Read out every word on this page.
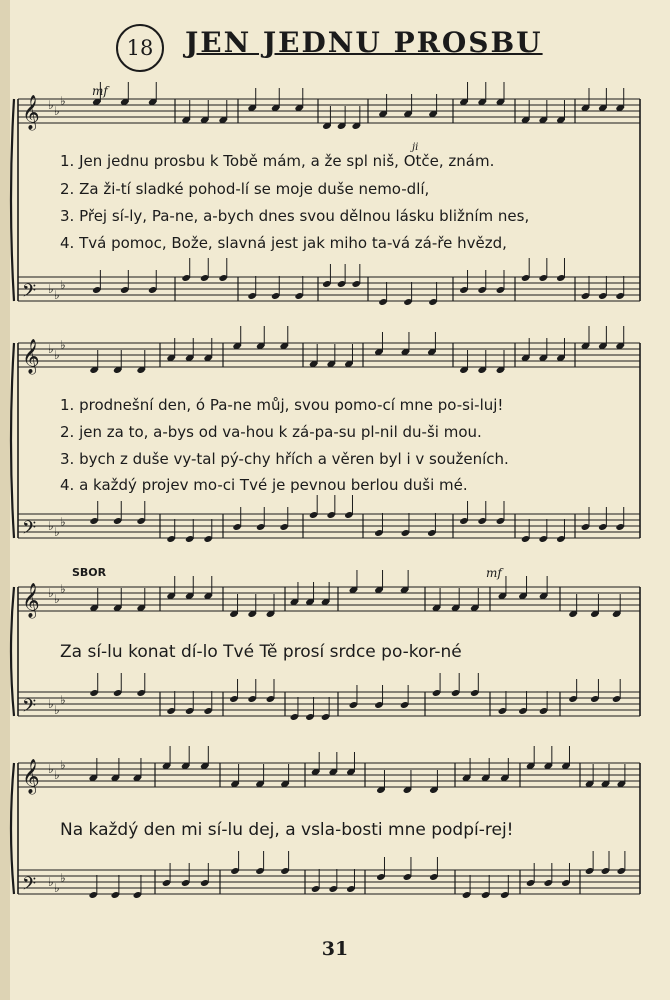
18	JEN JEDNU PROSBU
𝄞 ♭ ♭
♭
𝄢 ♭ ♭
♭
𝄞 ♭ ♭
♭
𝄢 ♭ ♭
♭
𝄞 ♭ ♭
♭
𝄢 ♭ ♭
♭
𝄞 ♭ ♭
♭
𝄢 ♭ ♭
♭
mf
mf
SBOR
ji
1. Jen jednu prosbu k Tobě mám, a že spl niš, Otče, znám.
2. Za ži-tí sladké pohod-lí se moje duše nemo-dlí,
3. Přej sí-ly, Pa-ne, a-bych dnes svou dělnou lásku bližním nes,
4. Tvá pomoc, Bože, slavná jest jak miho ta-vá zá-ře hvězd,
1. prodnešní den, ó Pa-ne můj, svou pomo-cí mne po-si-luj!
2. jen za to, a-bys od va-hou k zá-pa-su pl-nil du-ši mou.
3. bych z duše vy-tal pý-chy hřích a věren byl i v souženích.
4. a každý projev mo-ci Tvé je pevnou berlou duši mé.
Za sí-lu konat dí-lo Tvé Tě prosí srdce po-kor-né
Na každý den mi sí-lu dej, a vsla-bosti mne podpí-rej!
31
